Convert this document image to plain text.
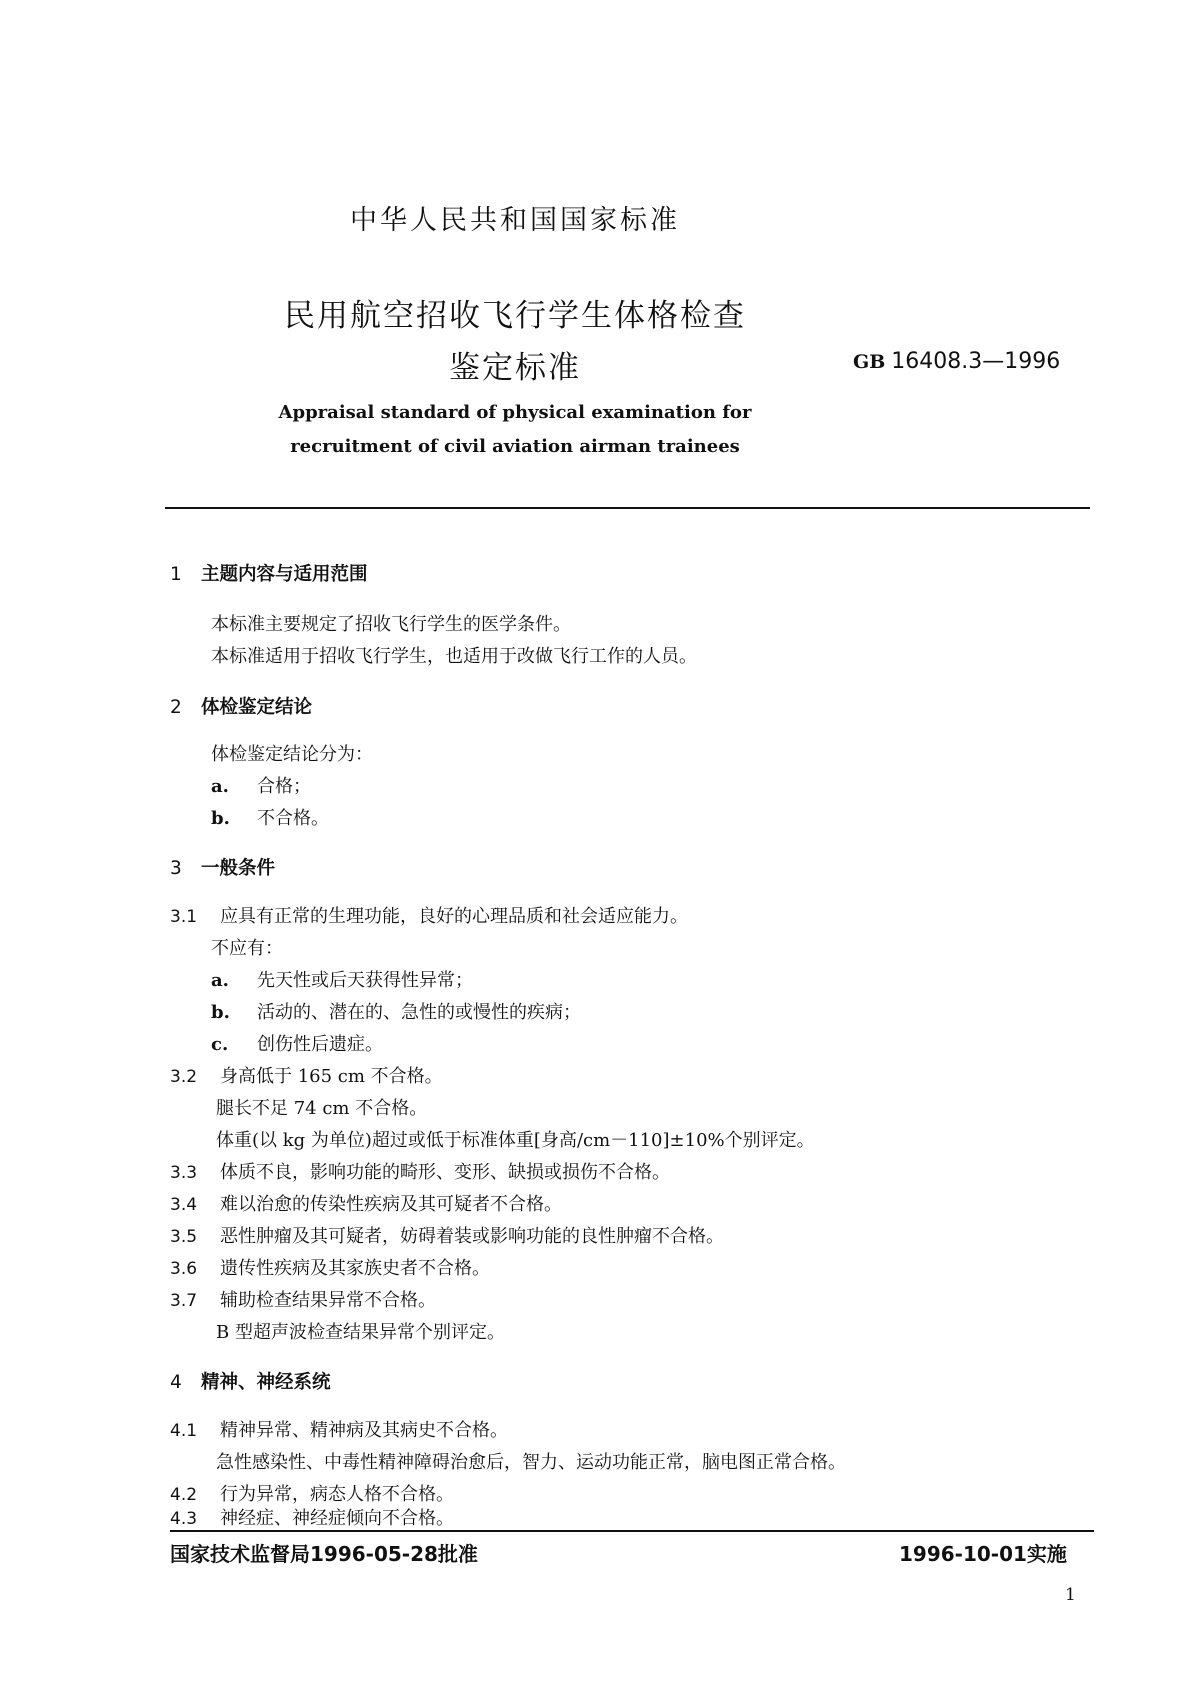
中华人民共和国国家标准
民用航空招收飞行学生体格检查
鉴定标准	GB 16408.3—1996
Appraisal standard of physical examination for
recruitment of civil aviation airman trainees
1 主题内容与适用范围
本标准主要规定了招收飞行学生的医学条件。
本标准适用于招收飞行学生，也适用于改做飞行工作的人员。
2 体检鉴定结论
体检鉴定结论分为：
a. 合格；
b. 不合格。
3 一般条件
3.1 应具有正常的生理功能，良好的心理品质和社会适应能力。
不应有：
a. 先天性或后天获得性异常；
b. 活动的、潜在的、急性的或慢性的疾病；
c. 创伤性后遗症。
3.2 身高低于 165 cm 不合格。
腿长不足 74 cm 不合格。
体重(以 kg 为单位)超过或低于标准体重[身高/cm－110]±10%个别评定。
3.3 体质不良，影响功能的畸形、变形、缺损或损伤不合格。
3.4 难以治愈的传染性疾病及其可疑者不合格。
3.5 恶性肿瘤及其可疑者，妨碍着装或影响功能的良性肿瘤不合格。
3.6 遗传性疾病及其家族史者不合格。
3.7 辅助检查结果异常不合格。
B 型超声波检查结果异常个别评定。
4 精神、神经系统
4.1 精神异常、精神病及其病史不合格。
急性感染性、中毒性精神障碍治愈后，智力、运动功能正常，脑电图正常合格。
4.2 行为异常，病态人格不合格。
4.3 神经症、神经症倾向不合格。
国家技术监督局1996-05-28批准	1996-10-01实施
1
